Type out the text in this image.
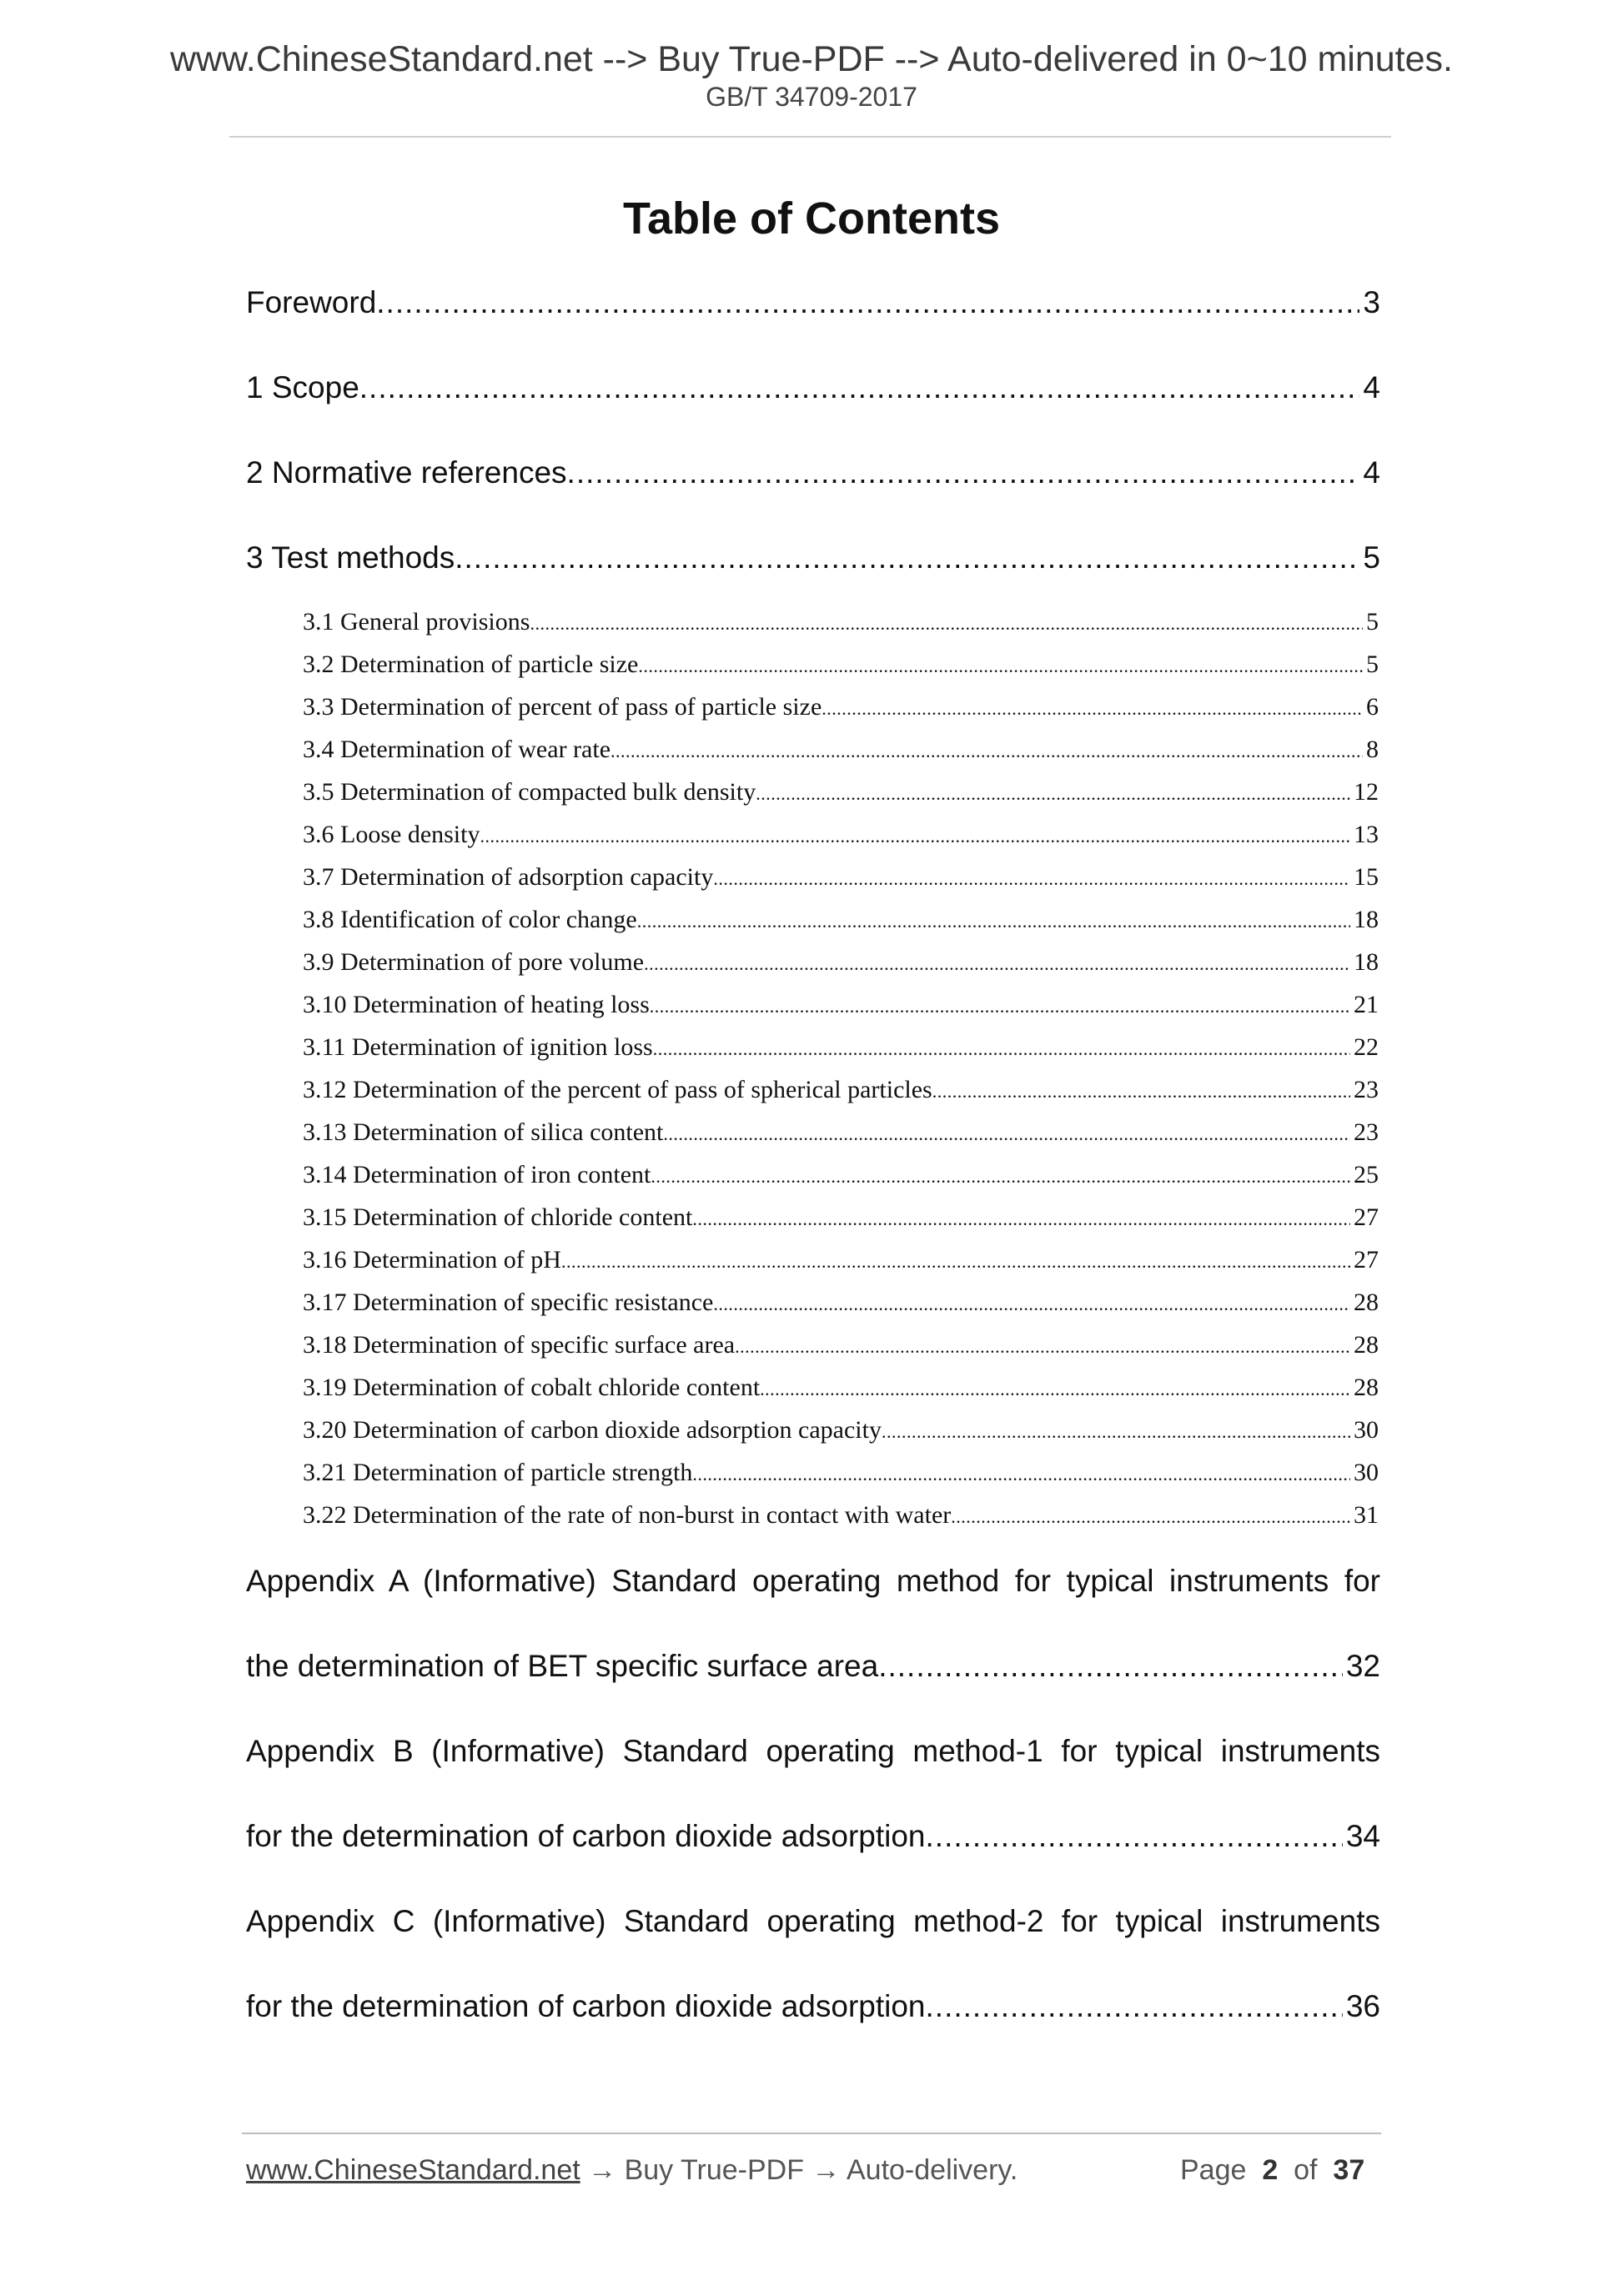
www.ChineseStandard.net --> Buy True-PDF --> Auto-delivered in 0~10 minutes.
GB/T 34709-2017
Table of Contents
Foreword .....	3
1 Scope .....	4
2 Normative references .....	4
3 Test methods .....	5
3.1 General provisions .....	5
3.2 Determination of particle size .....	5
3.3 Determination of percent of pass of particle size .....	6
3.4 Determination of wear rate .....	8
3.5 Determination of compacted bulk density .....	12
3.6 Loose density .....	13
3.7 Determination of adsorption capacity .....	15
3.8 Identification of color change .....	18
3.9 Determination of pore volume .....	18
3.10 Determination of heating loss .....	21
3.11 Determination of ignition loss .....	22
3.12 Determination of the percent of pass of spherical particles .....	23
3.13 Determination of silica content .....	23
3.14 Determination of iron content .....	25
3.15 Determination of chloride content .....	27
3.16 Determination of pH .....	27
3.17 Determination of specific resistance .....	28
3.18 Determination of specific surface area .....	28
3.19 Determination of cobalt chloride content .....	28
3.20 Determination of carbon dioxide adsorption capacity .....	30
3.21 Determination of particle strength .....	30
3.22 Determination of the rate of non-burst in contact with water .....	31
Appendix A (Informative) Standard operating method for typical instruments for
the determination of BET specific surface area .....	32
Appendix B (Informative) Standard operating method-1 for typical instruments
for the determination of carbon dioxide adsorption .....	34
Appendix C (Informative) Standard operating method-2 for typical instruments
for the determination of carbon dioxide adsorption .....	36
www.ChineseStandard.net → Buy True-PDF → Auto-delivery.	Page 2 of 37
